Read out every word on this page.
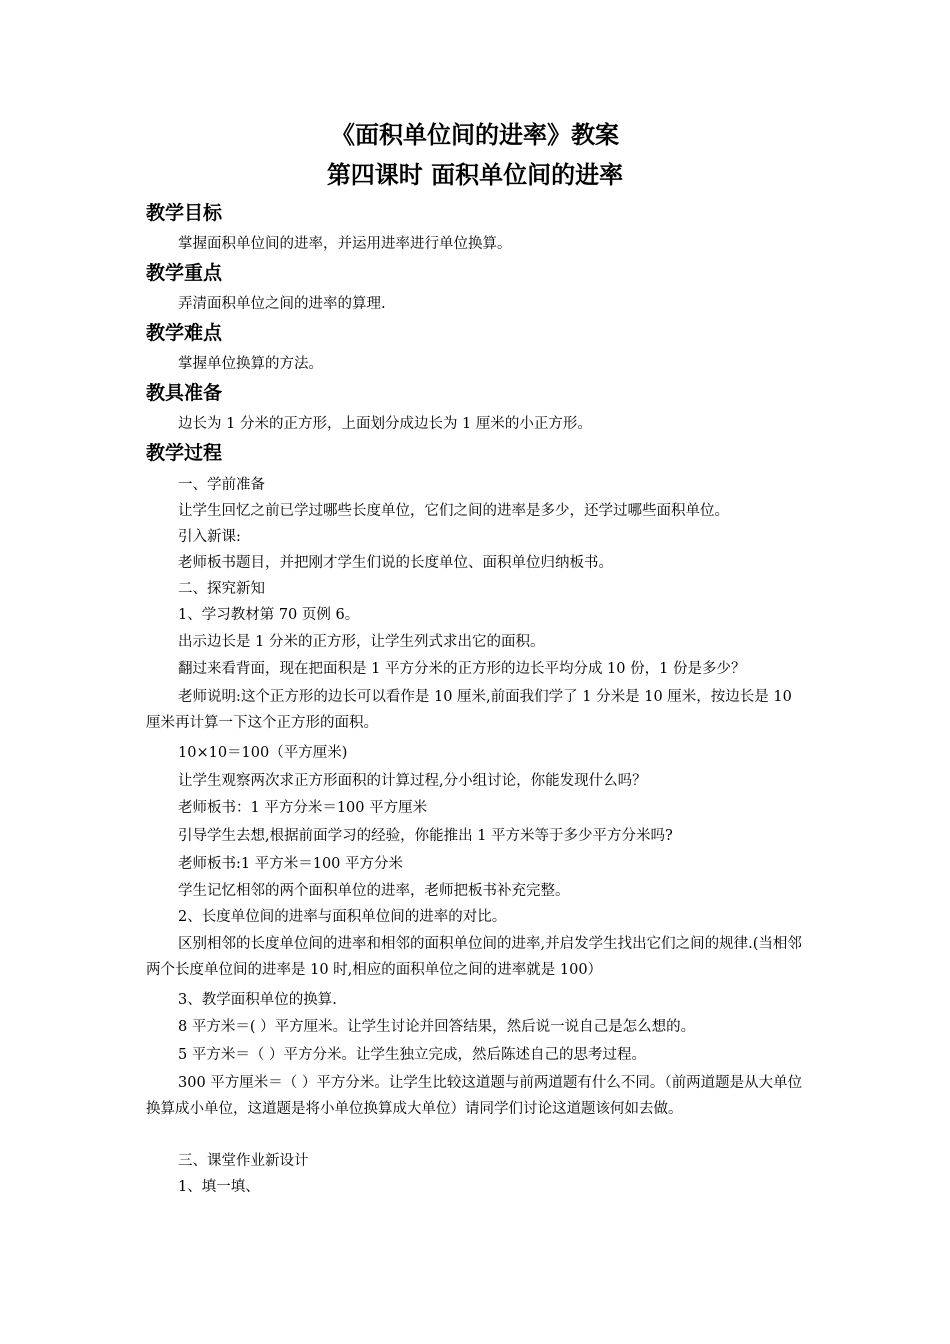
《面积单位间的进率》教案
第四课时 面积单位间的进率
教学目标
掌握面积单位间的进率，并运用进率进行单位换算。
教学重点
弄清面积单位之间的进率的算理.
教学难点
掌握单位换算的方法。
教具准备
边长为 1 分米的正方形，上面划分成边长为 1 厘米的小正方形。
教学过程
一、学前准备
让学生回忆之前已学过哪些长度单位，它们之间的进率是多少，还学过哪些面积单位。
引入新课:
老师板书题目，并把刚才学生们说的长度单位、面积单位归纳板书。
二、探究新知
1、学习教材第 70 页例 6。
出示边长是 1 分米的正方形，让学生列式求出它的面积。
翻过来看背面，现在把面积是 1 平方分米的正方形的边长平均分成 10 份，1 份是多少？
老师说明:这个正方形的边长可以看作是 10 厘米,前面我们学了 1 分米是 10 厘米，按边长是 10 厘米再计算一下这个正方形的面积。
10×10＝100（平方厘米)
让学生观察两次求正方形面积的计算过程,分小组讨论，你能发现什么吗？
老师板书：1 平方分米＝100 平方厘米
引导学生去想,根据前面学习的经验，你能推出 1 平方米等于多少平方分米吗?
老师板书:1 平方米＝100 平方分米
学生记忆相邻的两个面积单位的进率，老师把板书补充完整。
2、长度单位间的进率与面积单位间的进率的对比。
区别相邻的长度单位间的进率和相邻的面积单位间的进率,并启发学生找出它们之间的规律.(当相邻两个长度单位间的进率是 10 时,相应的面积单位之间的进率就是 100）
3、教学面积单位的换算.
8 平方米＝( ）平方厘米。让学生讨论并回答结果，然后说一说自己是怎么想的。
5 平方米＝（ ）平方分米。让学生独立完成，然后陈述自己的思考过程。
300 平方厘米＝（ ）平方分米。让学生比较这道题与前两道题有什么不同。（前两道题是从大单位换算成小单位，这道题是将小单位换算成大单位）请同学们讨论这道题该何如去做。
三、课堂作业新设计
1、填一填、
